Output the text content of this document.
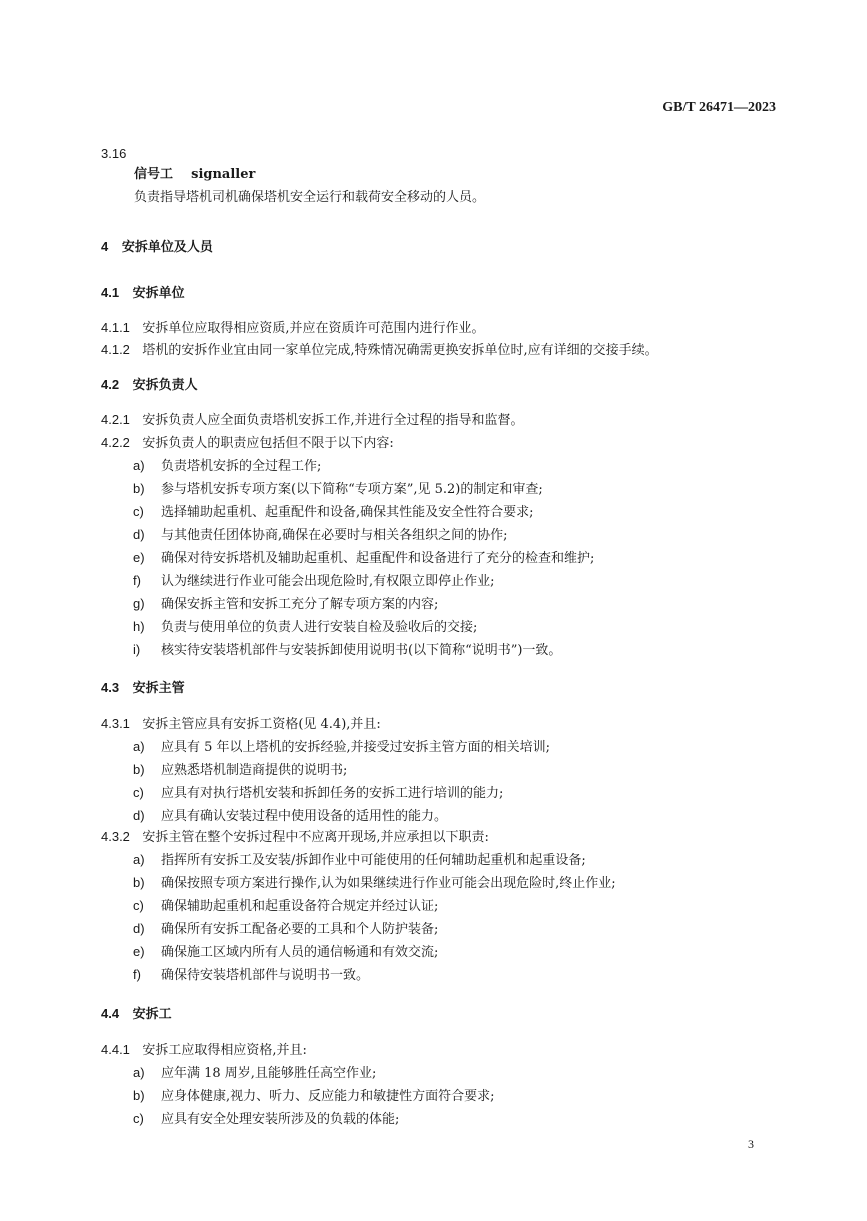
GB/T 26471—2023
3.16
信号工 signaller
负责指导塔机司机确保塔机安全运行和载荷安全移动的人员。
4 安拆单位及人员
4.1 安拆单位
4.1.1 安拆单位应取得相应资质,并应在资质许可范围内进行作业。
4.1.2 塔机的安拆作业宜由同一家单位完成,特殊情况确需更换安拆单位时,应有详细的交接手续。
4.2 安拆负责人
4.2.1 安拆负责人应全面负责塔机安拆工作,并进行全过程的指导和监督。
4.2.2 安拆负责人的职责应包括但不限于以下内容:
a) 负责塔机安拆的全过程工作;
b) 参与塔机安拆专项方案(以下简称“专项方案”,见 5.2)的制定和审查;
c) 选择辅助起重机、起重配件和设备,确保其性能及安全性符合要求;
d) 与其他责任团体协商,确保在必要时与相关各组织之间的协作;
e) 确保对待安拆塔机及辅助起重机、起重配件和设备进行了充分的检查和维护;
f) 认为继续进行作业可能会出现危险时,有权限立即停止作业;
g) 确保安拆主管和安拆工充分了解专项方案的内容;
h) 负责与使用单位的负责人进行安装自检及验收后的交接;
i) 核实待安装塔机部件与安装拆卸使用说明书(以下简称“说明书”)一致。
4.3 安拆主管
4.3.1 安拆主管应具有安拆工资格(见 4.4),并且:
a) 应具有 5 年以上塔机的安拆经验,并接受过安拆主管方面的相关培训;
b) 应熟悉塔机制造商提供的说明书;
c) 应具有对执行塔机安装和拆卸任务的安拆工进行培训的能力;
d) 应具有确认安装过程中使用设备的适用性的能力。
4.3.2 安拆主管在整个安拆过程中不应离开现场,并应承担以下职责:
a) 指挥所有安拆工及安装/拆卸作业中可能使用的任何辅助起重机和起重设备;
b) 确保按照专项方案进行操作,认为如果继续进行作业可能会出现危险时,终止作业;
c) 确保辅助起重机和起重设备符合规定并经过认证;
d) 确保所有安拆工配备必要的工具和个人防护装备;
e) 确保施工区域内所有人员的通信畅通和有效交流;
f) 确保待安装塔机部件与说明书一致。
4.4 安拆工
4.4.1 安拆工应取得相应资格,并且:
a) 应年满 18 周岁,且能够胜任高空作业;
b) 应身体健康,视力、听力、反应能力和敏捷性方面符合要求;
c) 应具有安全处理安装所涉及的负载的体能;
3
